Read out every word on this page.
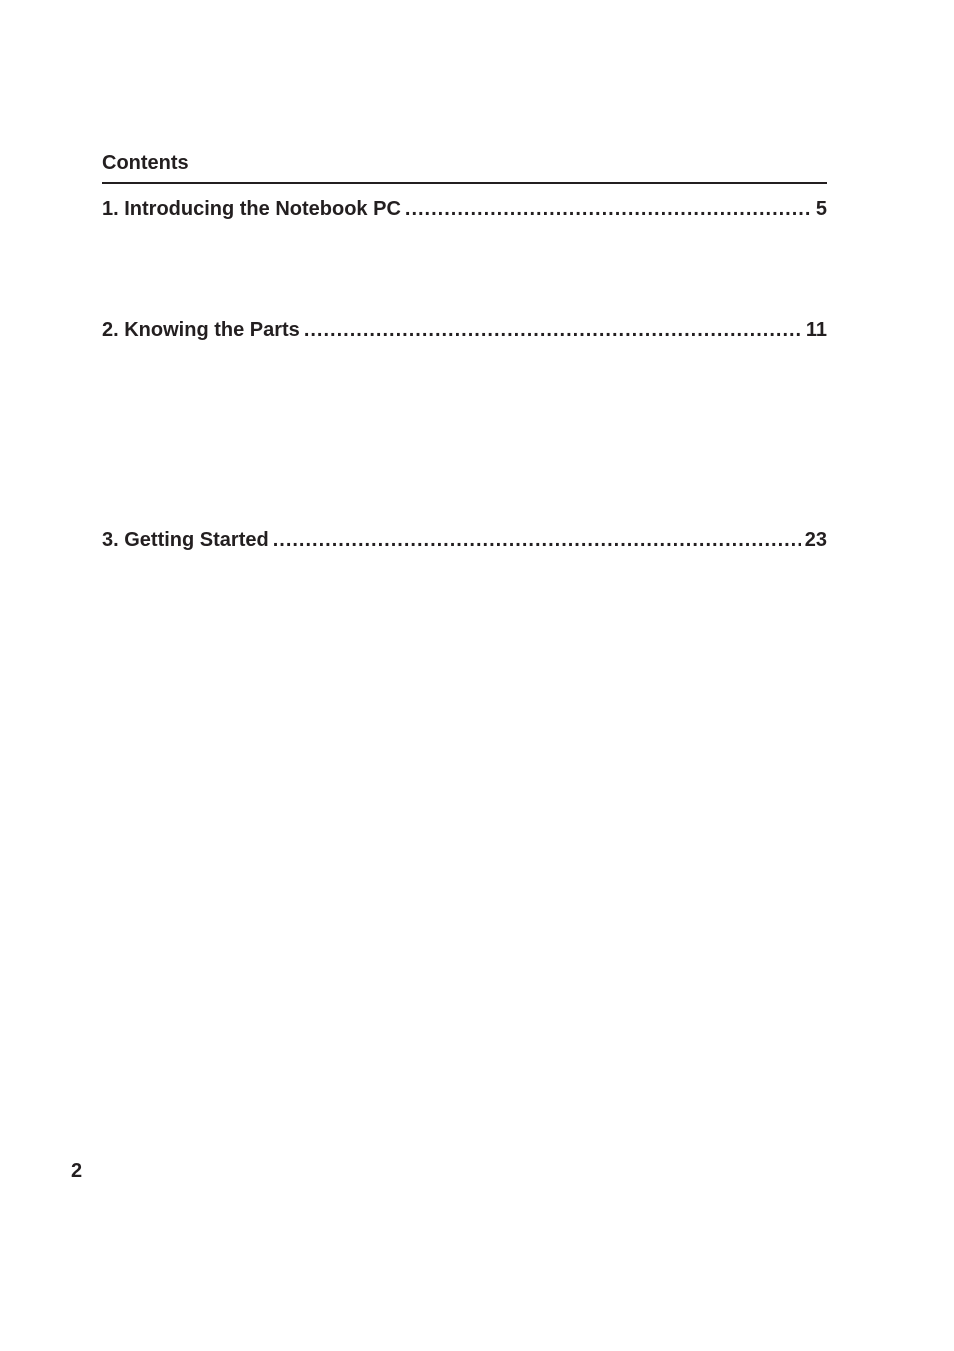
Contents
1. Introducing the Notebook PC .....	5
2. Knowing the Parts .....	11
3. Getting Started .....	23
2
